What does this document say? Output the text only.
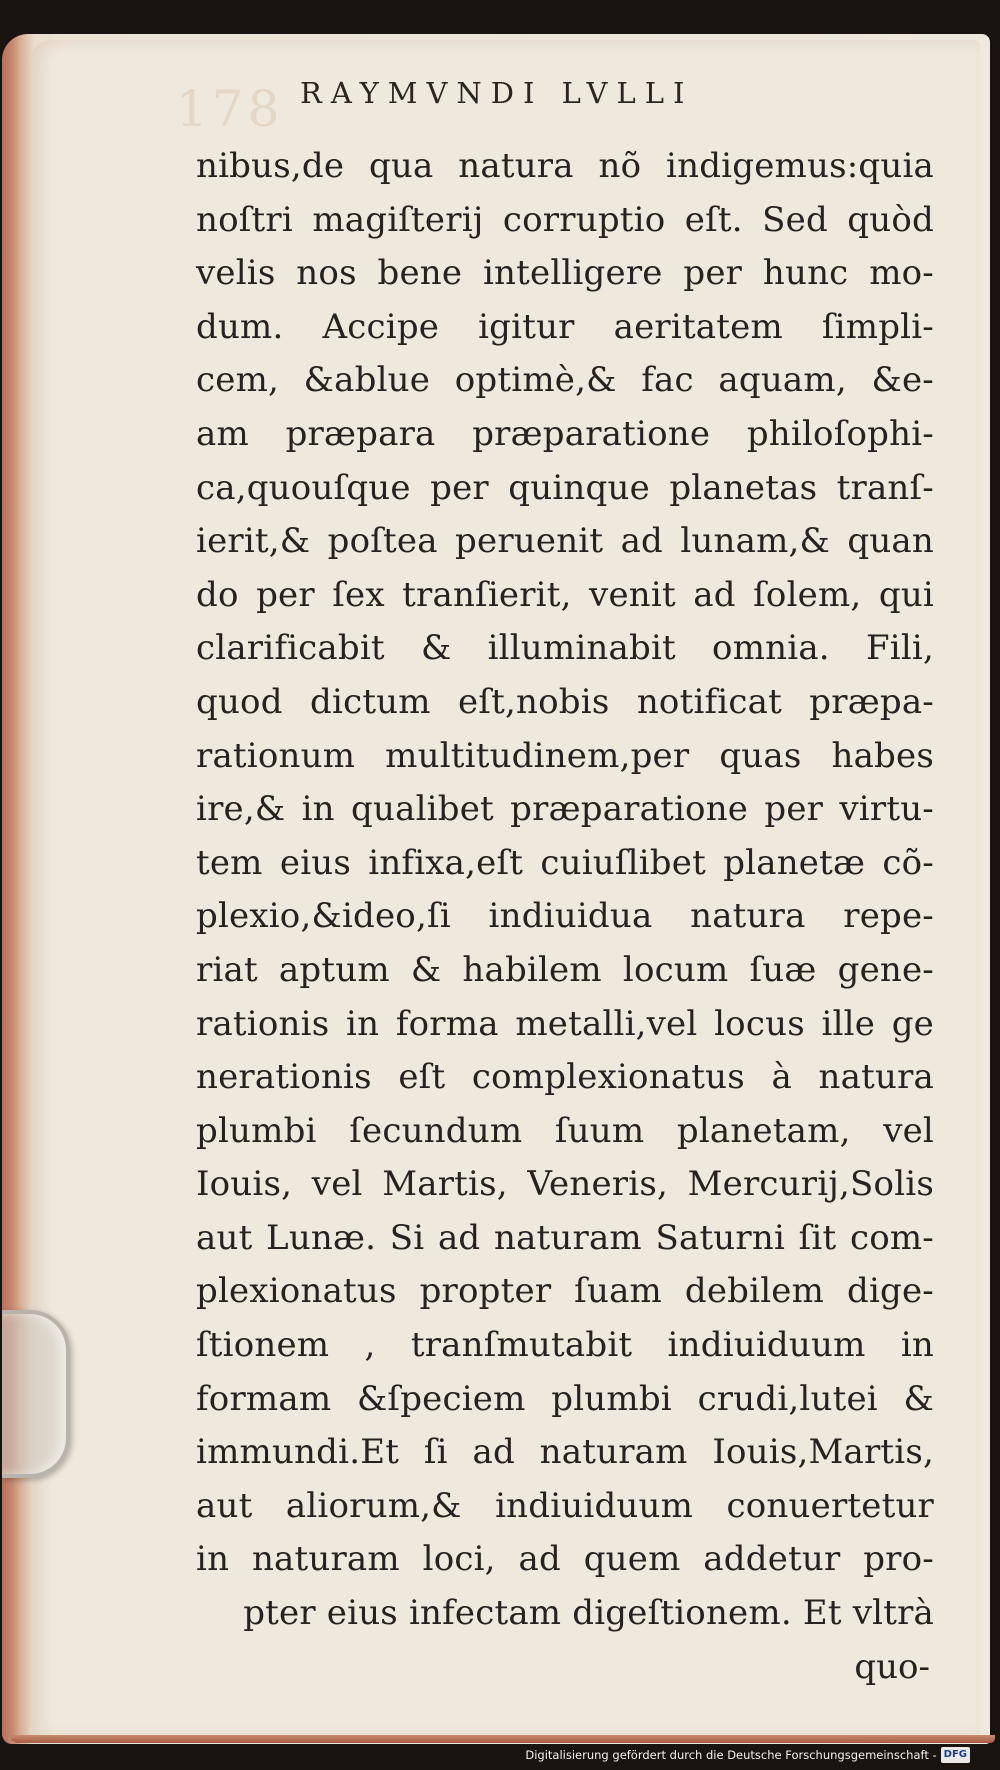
178 RAYMVNDI LVLLI
nibus,de qua natura nõ indigemus:quia
noſtri magiſterij corruptio eſt. Sed quòd
velis nos bene intelligere per hunc mo-
dum. Accipe igitur aeritatem ſimpli-
cem, &ablue optimè,& fac aquam, &e-
am præpara præparatione philoſophi-
ca,quouſque per quinque planetas tranſ-
ierit,& poſtea peruenit ad lunam,& quan
do per ſex tranſierit, venit ad ſolem, qui
clarificabit & illuminabit omnia. Fili,
quod dictum eſt,nobis notificat præpa-
rationum multitudinem,per quas habes
ire,& in qualibet præparatione per virtu-
tem eius infixa,eſt cuiuſlibet planetæ cõ-
plexio,&ideo,ſi indiuidua natura repe-
riat aptum & habilem locum ſuæ gene-
rationis in forma metalli,vel locus ille ge
nerationis eſt complexionatus à natura
plumbi ſecundum ſuum planetam, vel
Iouis, vel Martis, Veneris, Mercurij,Solis
aut Lunæ. Si ad naturam Saturni ſit com-
plexionatus propter ſuam debilem dige-
ſtionem , tranſmutabit indiuiduum in
formam &ſpeciem plumbi crudi,lutei &
immundi.Et ſi ad naturam Iouis,Martis,
aut aliorum,& indiuiduum conuertetur
in naturam loci, ad quem addetur pro-
pter eius infectam digeſtionem. Et vltrà
quo-
Digitalisierung gefördert durch die Deutsche Forschungsgemeinschaft - DFG
